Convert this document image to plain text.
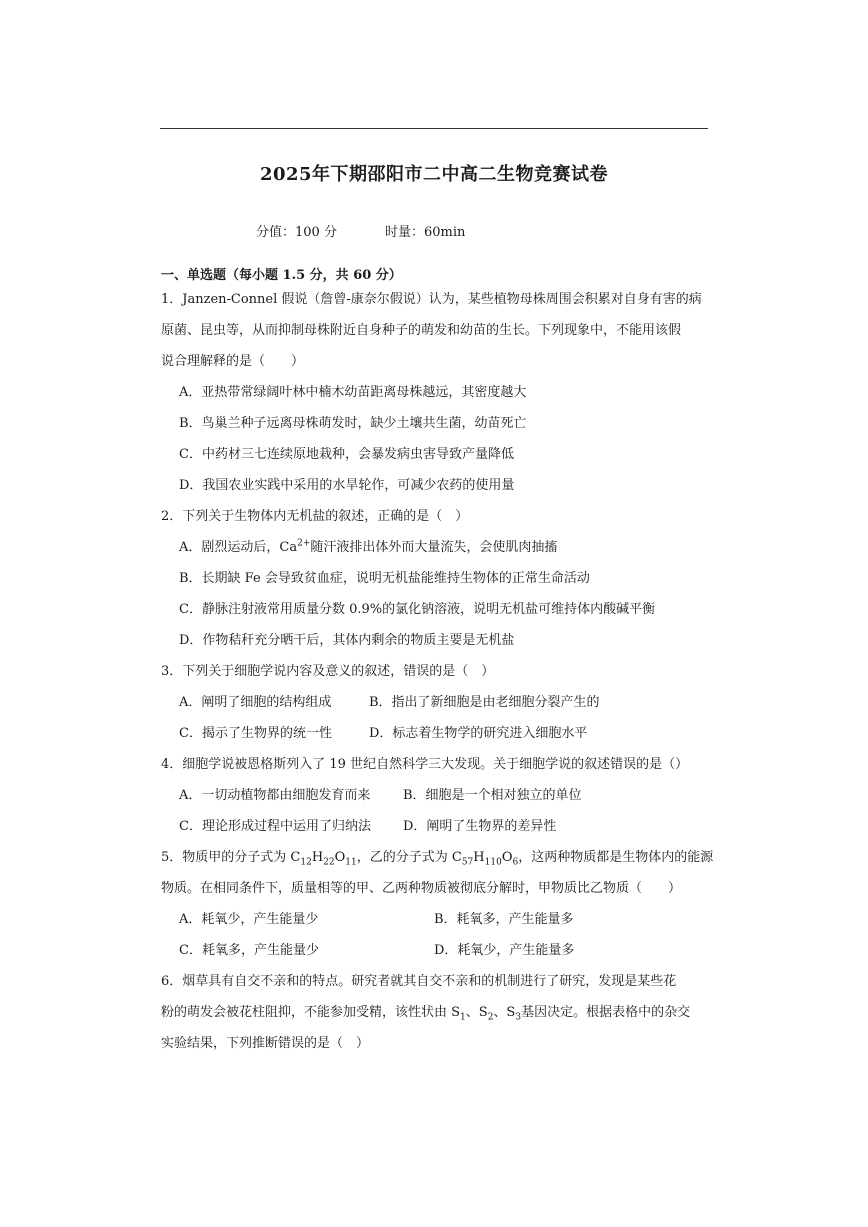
2025年下期邵阳市二中高二生物竞赛试卷
分值：100 分	时量：60min
一、单选题（每小题 1.5 分，共 60 分）
1．Janzen-Connel 假说（詹曾-康奈尔假说）认为，某些植物母株周围会积累对自身有害的病
原菌、昆虫等，从而抑制母株附近自身种子的萌发和幼苗的生长。下列现象中，不能用该假
说合理解释的是（　　）
A．亚热带常绿阔叶林中楠木幼苗距离母株越远，其密度越大
B．鸟巢兰种子远离母株萌发时，缺少土壤共生菌，幼苗死亡
C．中药材三七连续原地栽种，会暴发病虫害导致产量降低
D．我国农业实践中采用的水旱轮作，可减少农药的使用量
2．下列关于生物体内无机盐的叙述，正确的是（　）
A．剧烈运动后，$Ca^{2+}$随汗液排出体外而大量流失，会使肌肉抽搐
B．长期缺 Fe 会导致贫血症，说明无机盐能维持生物体的正常生命活动
C．静脉注射液常用质量分数 0.9%的氯化钠溶液，说明无机盐可维持体内酸碱平衡
D．作物秸秆充分晒干后，其体内剩余的物质主要是无机盐
3．下列关于细胞学说内容及意义的叙述，错误的是（　）
A．阐明了细胞的结构组成	B．指出了新细胞是由老细胞分裂产生的
C．揭示了生物界的统一性	D．标志着生物学的研究进入细胞水平
4．细胞学说被恩格斯列入了 19 世纪自然科学三大发现。关于细胞学说的叙述错误的是（）
A．一切动植物都由细胞发育而来	B．细胞是一个相对独立的单位
C．理论形成过程中运用了归纳法 D．阐明了生物界的差异性
5．物质甲的分子式为 $C_{12}H_{22}O_{11}$，乙的分子式为 $C_{57}H_{110}O_6$，这两种物质都是生物体内的能源
物质。在相同条件下，质量相等的甲、乙两种物质被彻底分解时，甲物质比乙物质（　　）
A．耗氧少，产生能量少	B．耗氧多，产生能量多
C．耗氧多，产生能量少	D．耗氧少，产生能量多
6．烟草具有自交不亲和的特点。研究者就其自交不亲和的机制进行了研究，发现是某些花
粉的萌发会被花柱阻抑，不能参加受精，该性状由 $S_1$、$S_2$、$S_3$基因决定。根据表格中的杂交
实验结果，下列推断错误的是（　）
